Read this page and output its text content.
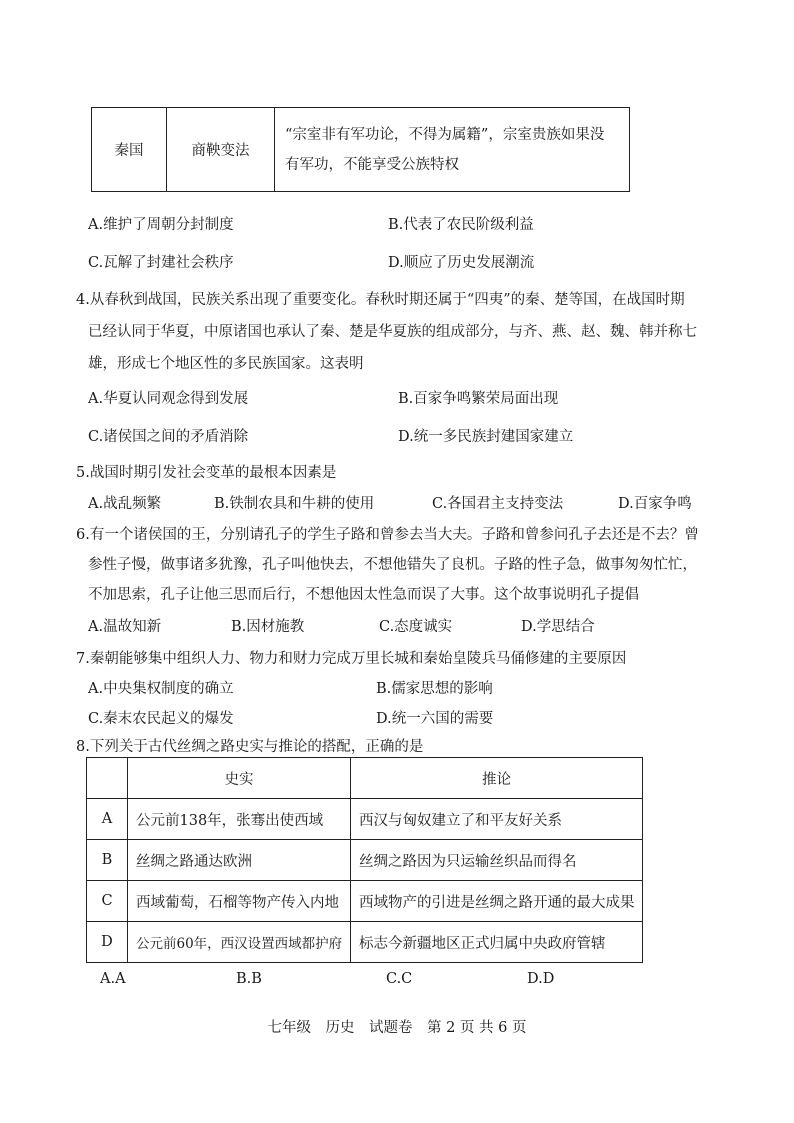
秦国	商鞅变法	
“宗室非有军功论，不得为属籍”，宗室贵族如果没
有军功，不能享受公族特权
A.维护了周朝分封制度	B.代表了农民阶级利益
C.瓦解了封建社会秩序	D.顺应了历史发展潮流
4.从春秋到战国，民族关系出现了重要变化。春秋时期还属于“四夷”的秦、楚等国，在战国时期
已经认同于华夏，中原诸国也承认了秦、楚是华夏族的组成部分，与齐、燕、赵、魏、韩并称七
雄，形成七个地区性的多民族国家。这表明
A.华夏认同观念得到发展	B.百家争鸣繁荣局面出现
C.诸侯国之间的矛盾消除	D.统一多民族封建国家建立
5.战国时期引发社会变革的最根本因素是
A.战乱频繁	B.铁制农具和牛耕的使用	C.各国君主支持变法	D.百家争鸣
6.有一个诸侯国的王，分别请孔子的学生子路和曾参去当大夫。子路和曾参问孔子去还是不去？曾
参性子慢，做事诸多犹豫，孔子叫他快去，不想他错失了良机。子路的性子急，做事匆匆忙忙，
不加思索，孔子让他三思而后行，不想他因太性急而误了大事。这个故事说明孔子提倡
A.温故知新	B.因材施教	C.态度诚实	D.学思结合
7.秦朝能够集中组织人力、物力和财力完成万里长城和秦始皇陵兵马俑修建的主要原因
A.中央集权制度的确立	B.儒家思想的影响
C.秦末农民起义的爆发	D.统一六国的需要
8.下列关于古代丝绸之路史实与推论的搭配，正确的是
	史实	推论
A	公元前138年，张骞出使西域	西汉与匈奴建立了和平友好关系
B	丝绸之路通达欧洲	丝绸之路因为只运输丝织品而得名
C	西域葡萄，石榴等物产传入内地	西域物产的引进是丝绸之路开通的最大成果
D	公元前60年，西汉设置西域都护府	标志今新疆地区正式归属中央政府管辖
A.A	B.B	C.C	D.D
七年级　历史　试题卷　第 2 页 共 6 页
